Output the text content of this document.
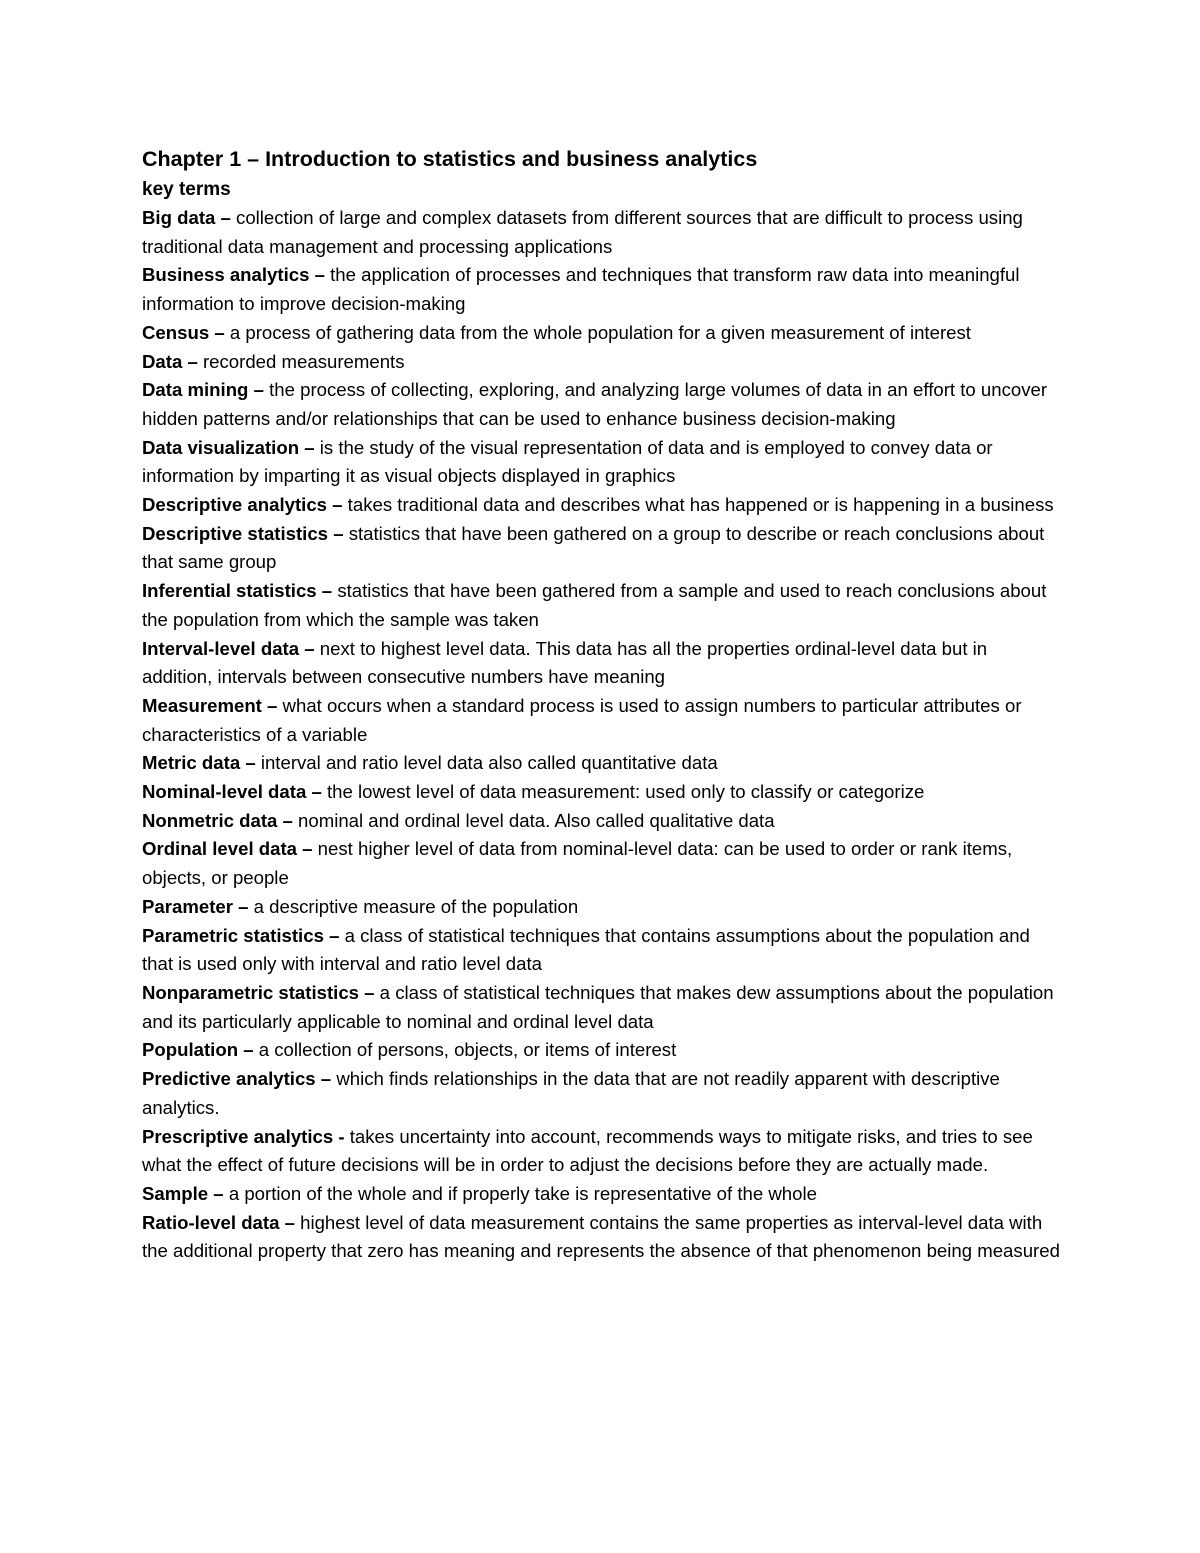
Chapter 1 – Introduction to statistics and business analytics

key terms

Big data – collection of large and complex datasets from different sources that are difficult to process using traditional data management and processing applications

Business analytics – the application of processes and techniques that transform raw data into meaningful information to improve decision-making

Census – a process of gathering data from the whole population for a given measurement of interest

Data – recorded measurements

Data mining – the process of collecting, exploring, and analyzing large volumes of data in an effort to uncover hidden patterns and/or relationships that can be used to enhance business decision-making

Data visualization – is the study of the visual representation of data and is employed to convey data or information by imparting it as visual objects displayed in graphics

Descriptive analytics – takes traditional data and describes what has happened or is happening in a business

Descriptive statistics – statistics that have been gathered on a group to describe or reach conclusions about that same group

Inferential statistics – statistics that have been gathered from a sample and used to reach conclusions about the population from which the sample was taken

Interval-level data – next to highest level data. This data has all the properties ordinal-level data but in addition, intervals between consecutive numbers have meaning

Measurement – what occurs when a standard process is used to assign numbers to particular attributes or characteristics of a variable

Metric data – interval and ratio level data also called quantitative data

Nominal-level data – the lowest level of data measurement: used only to classify or categorize

Nonmetric data – nominal and ordinal level data. Also called qualitative data

Ordinal level data – nest higher level of data from nominal-level data: can be used to order or rank items, objects, or people

Parameter – a descriptive measure of the population

Parametric statistics – a class of statistical techniques that contains assumptions about the population and that is used only with interval and ratio level data

Nonparametric statistics – a class of statistical techniques that makes dew assumptions about the population and its particularly applicable to nominal and ordinal level data

Population – a collection of persons, objects, or items of interest

Predictive analytics – which finds relationships in the data that are not readily apparent with descriptive analytics.

Prescriptive analytics - takes uncertainty into account, recommends ways to mitigate risks, and tries to see what the effect of future decisions will be in order to adjust the decisions before they are actually made.

Sample – a portion of the whole and if properly take is representative of the whole

Ratio-level data – highest level of data measurement contains the same properties as interval-level data with the additional property that zero has meaning and represents the absence of that phenomenon being measured
